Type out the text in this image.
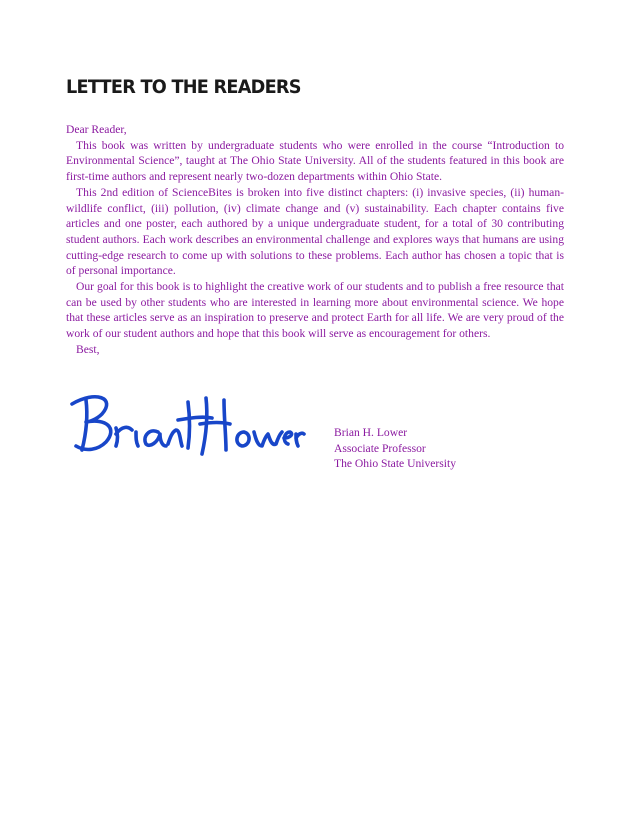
LETTER TO THE READERS

Dear Reader,

This book was written by undergraduate students who were enrolled in the course “Introduction to Environmental Science”, taught at The Ohio State University. All of the students featured in this book are first-time authors and represent nearly two-dozen departments within Ohio State.

This 2nd edition of ScienceBites is broken into five distinct chapters: (i) invasive species, (ii) human-wildlife conflict, (iii) pollution, (iv) climate change and (v) sustainability. Each chapter contains five articles and one poster, each authored by a unique undergraduate student, for a total of 30 contributing student authors. Each work describes an environmental challenge and explores ways that humans are using cutting-edge research to come up with solutions to these problems. Each author has chosen a topic that is of personal importance.

Our goal for this book is to highlight the creative work of our students and to publish a free resource that can be used by other students who are interested in learning more about environmental science. We hope that these articles serve as an inspiration to preserve and protect Earth for all life. We are very proud of the work of our student authors and hope that this book will serve as encouragement for others.

Best,

Brian H. Lower
Associate Professor
The Ohio State University
